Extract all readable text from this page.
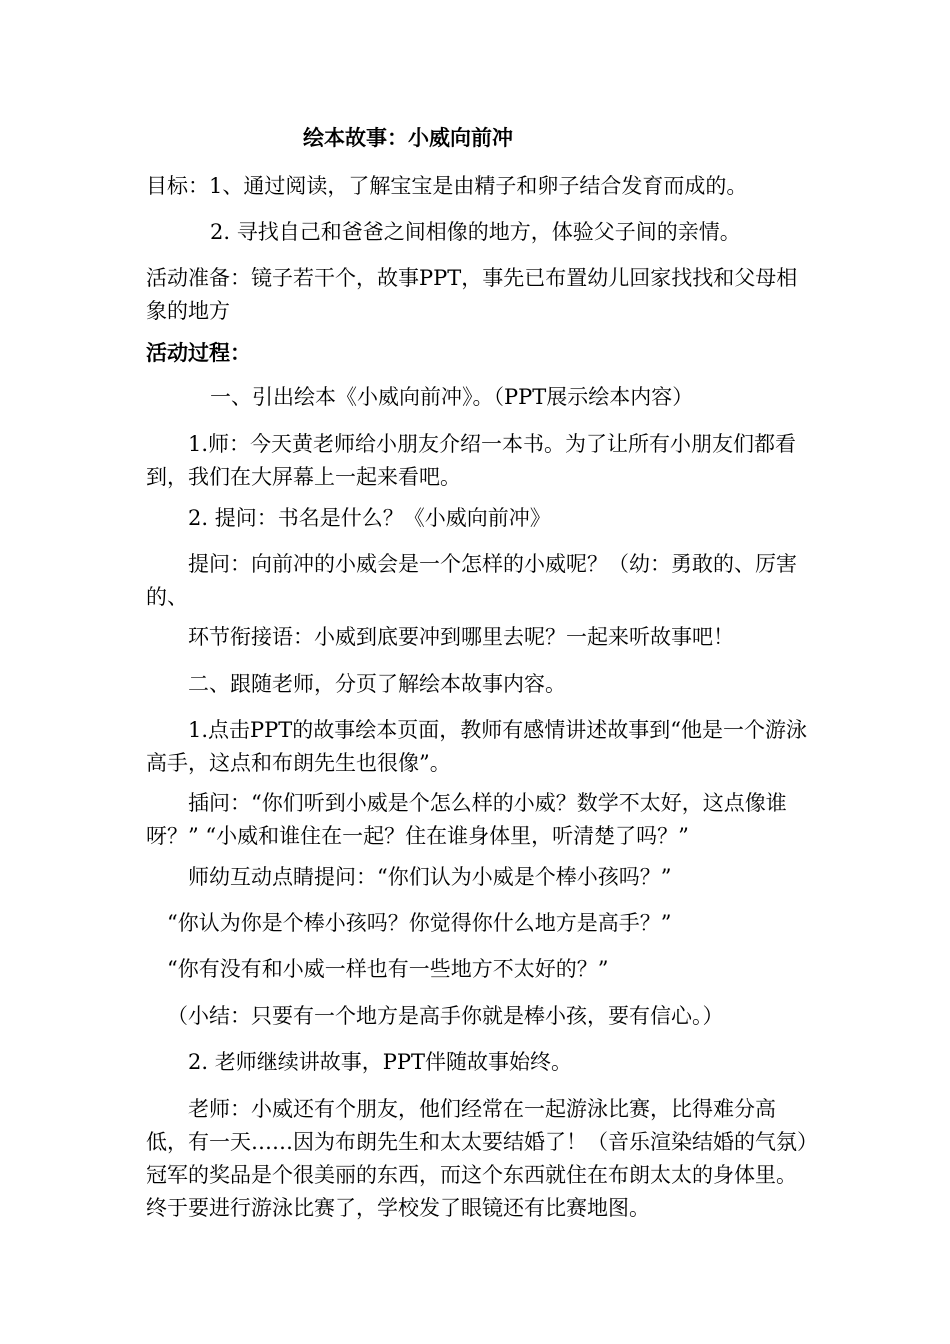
绘本故事：小威向前冲

目标：1、通过阅读，了解宝宝是由精子和卵子结合发育而成的。

2. 寻找自己和爸爸之间相像的地方，体验父子间的亲情。

活动准备：镜子若干个，故事PPT，事先已布置幼儿回家找找和父母相象的地方

活动过程：

一、引出绘本《小威向前冲》。（PPT展示绘本内容）

1.师：今天黄老师给小朋友介绍一本书。为了让所有小朋友们都看到，我们在大屏幕上一起来看吧。

2. 提问：书名是什么？《小威向前冲》

提问：向前冲的小威会是一个怎样的小威呢？（幼：勇敢的、厉害的、

环节衔接语：小威到底要冲到哪里去呢？一起来听故事吧！

二、跟随老师，分页了解绘本故事内容。

1.点击PPT的故事绘本页面，教师有感情讲述故事到“他是一个游泳高手，这点和布朗先生也很像”。

插问：“你们听到小威是个怎么样的小威？数学不太好，这点像谁呀？” “小威和谁住在一起？住在谁身体里，听清楚了吗？”

师幼互动点睛提问：“你们认为小威是个棒小孩吗？”

“你认为你是个棒小孩吗？你觉得你什么地方是高手？”

“你有没有和小威一样也有一些地方不太好的？”

（小结：只要有一个地方是高手你就是棒小孩，要有信心。）

2. 老师继续讲故事，PPT伴随故事始终。

老师：小威还有个朋友，他们经常在一起游泳比赛，比得难分高低，有一天……因为布朗先生和太太要结婚了！（音乐渲染结婚的气氛）冠军的奖品是个很美丽的东西，而这个东西就住在布朗太太的身体里。终于要进行游泳比赛了，学校发了眼镜还有比赛地图。
